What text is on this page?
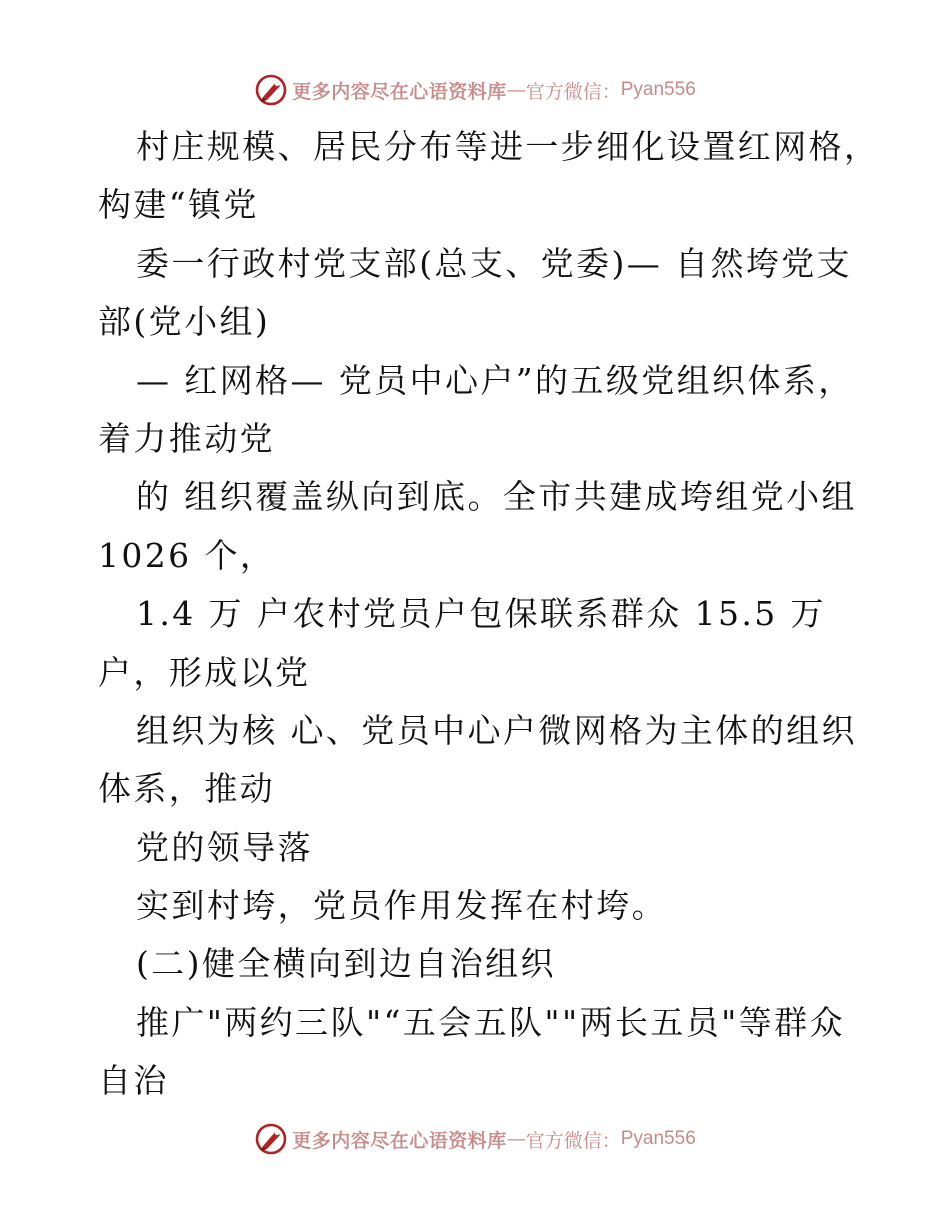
更多内容尽在心语资料库 — 官方微信： Pyan556
村庄规模、居民分布等进一步细化设置红网格，
构建“镇党
委一行政村党支部(总支、党委)— 自然垮党支
部(党小组)
— 红网格— 党员中心户”的五级党组织体系，
着力推动党
的 组织覆盖纵向到底。全市共建成垮组党小组
1026 个，
1.4 万 户农村党员户包保联系群众 15.5 万
户，形成以党
组织为核 心、党员中心户微网格为主体的组织
体系，推动
党的领导落
实到村垮，党员作用发挥在村垮。
(二)健全横向到边自治组织
推广"两约三队"“五会五队""两长五员"等群众
自治
更多内容尽在心语资料库 — 官方微信： Pyan556
